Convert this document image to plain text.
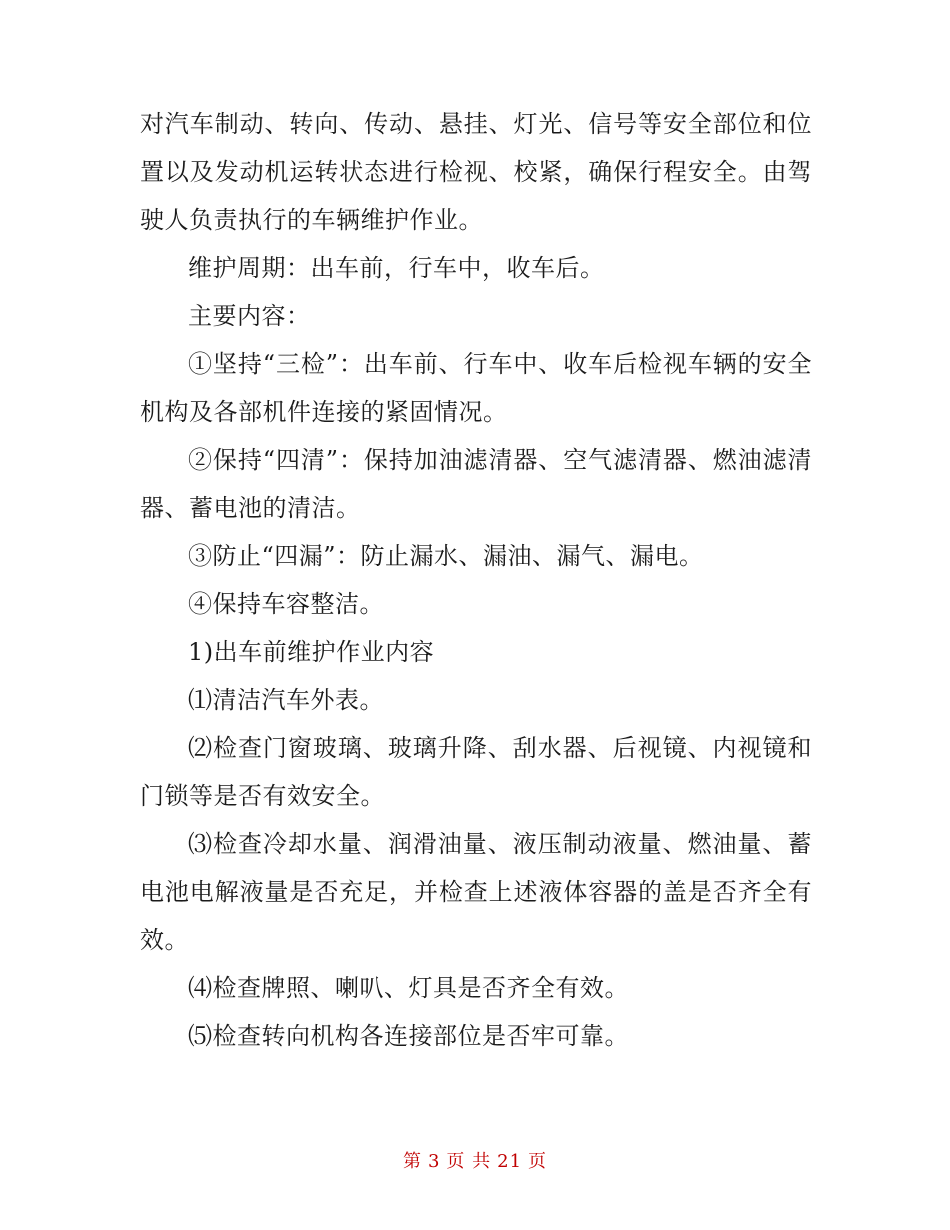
对汽车制动、转向、传动、悬挂、灯光、信号等安全部位和位置以及发动机运转状态进行检视、校紧，确保行程安全。由驾驶人负责执行的车辆维护作业。

维护周期：出车前，行车中，收车后。

主要内容：

①坚持“三检”：出车前、行车中、收车后检视车辆的安全机构及各部机件连接的紧固情况。

②保持“四清”：保持加油滤清器、空气滤清器、燃油滤清器、蓄电池的清洁。

③防止“四漏”：防止漏水、漏油、漏气、漏电。

④保持车容整洁。

1)出车前维护作业内容

⑴清洁汽车外表。

⑵检查门窗玻璃、玻璃升降、刮水器、后视镜、内视镜和门锁等是否有效安全。

⑶检查冷却水量、润滑油量、液压制动液量、燃油量、蓄电池电解液量是否充足，并检查上述液体容器的盖是否齐全有效。

⑷检查牌照、喇叭、灯具是否齐全有效。

⑸检查转向机构各连接部位是否牢可靠。

第 3 页 共 21 页
